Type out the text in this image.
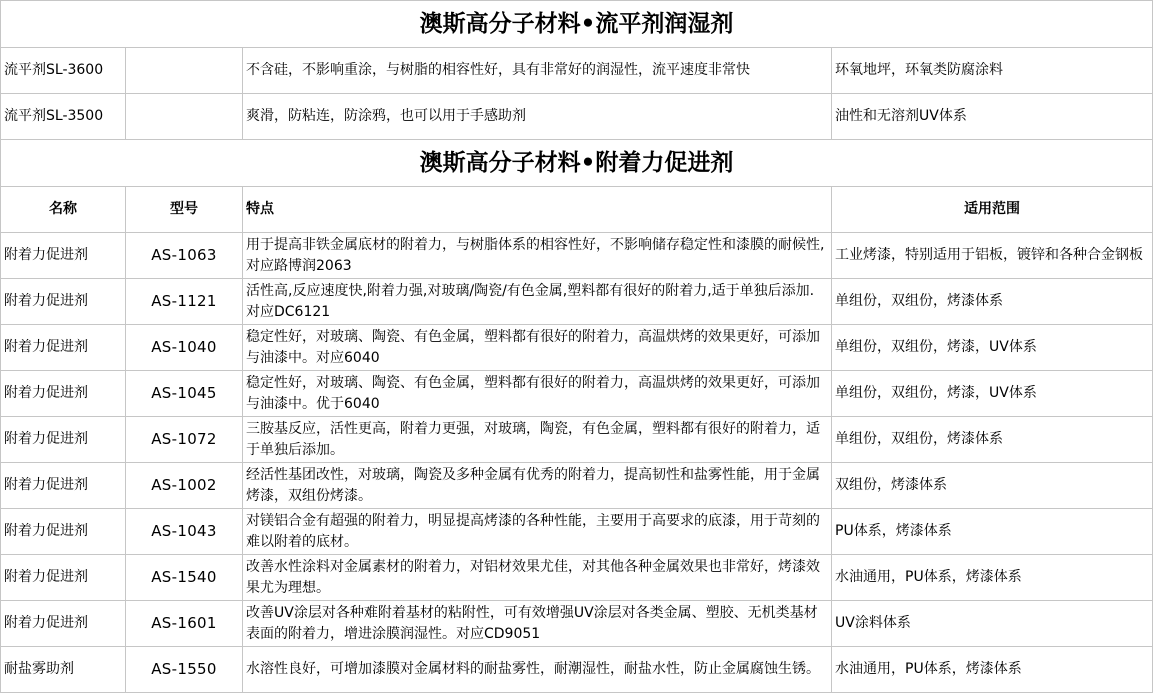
澳斯高分子材料•流平剂润湿剂			
流平剂SL-3600		不含硅，不影响重涂，与树脂的相容性好，具有非常好的润湿性，流平速度非常快	环氧地坪，环氧类防腐涂料
流平剂SL-3500		爽滑，防粘连，防涂鸦，也可以用于手感助剂	油性和无溶剂UV体系
澳斯高分子材料•附着力促进剂			
名称	型号	特点	适用范围
附着力促进剂	AS-1063	用于提高非铁金属底材的附着力，与树脂体系的相容性好，不影响储存稳定性和漆膜的耐候性,对应路博润2063	工业烤漆，特别适用于铝板，镀锌和各种合金钢板
附着力促进剂	AS-1121	活性高,反应速度快,附着力强,对玻璃/陶瓷/有色金属,塑料都有很好的附着力,适于单独后添加.对应DC6121	单组份，双组份，烤漆体系
附着力促进剂	AS-1040	稳定性好，对玻璃、陶瓷、有色金属，塑料都有很好的附着力，高温烘烤的效果更好，可添加与油漆中。对应6040	单组份，双组份，烤漆，UV体系
附着力促进剂	AS-1045	稳定性好，对玻璃、陶瓷、有色金属，塑料都有很好的附着力，高温烘烤的效果更好，可添加与油漆中。优于6040	单组份，双组份，烤漆，UV体系
附着力促进剂	AS-1072	三胺基反应，活性更高，附着力更强，对玻璃，陶瓷，有色金属，塑料都有很好的附着力，适于单独后添加。	单组份，双组份，烤漆体系
附着力促进剂	AS-1002	经活性基团改性，对玻璃，陶瓷及多种金属有优秀的附着力，提高韧性和盐雾性能，用于金属烤漆，双组份烤漆。	双组份，烤漆体系
附着力促进剂	AS-1043	对镁铝合金有超强的附着力，明显提高烤漆的各种性能，主要用于高要求的底漆，用于苛刻的难以附着的底材。	PU体系，烤漆体系
附着力促进剂	AS-1540	改善水性涂料对金属素材的附着力，对铝材效果尤佳，对其他各种金属效果也非常好，烤漆效果尤为理想。	水油通用，PU体系，烤漆体系
附着力促进剂	AS-1601	改善UV涂层对各种难附着基材的粘附性，可有效增强UV涂层对各类金属、塑胶、无机类基材表面的附着力，增进涂膜润湿性。对应CD9051	UV涂料体系
耐盐雾助剂	AS-1550	水溶性良好，可增加漆膜对金属材料的耐盐雾性，耐潮湿性，耐盐水性，防止金属腐蚀生锈。	水油通用，PU体系，烤漆体系
